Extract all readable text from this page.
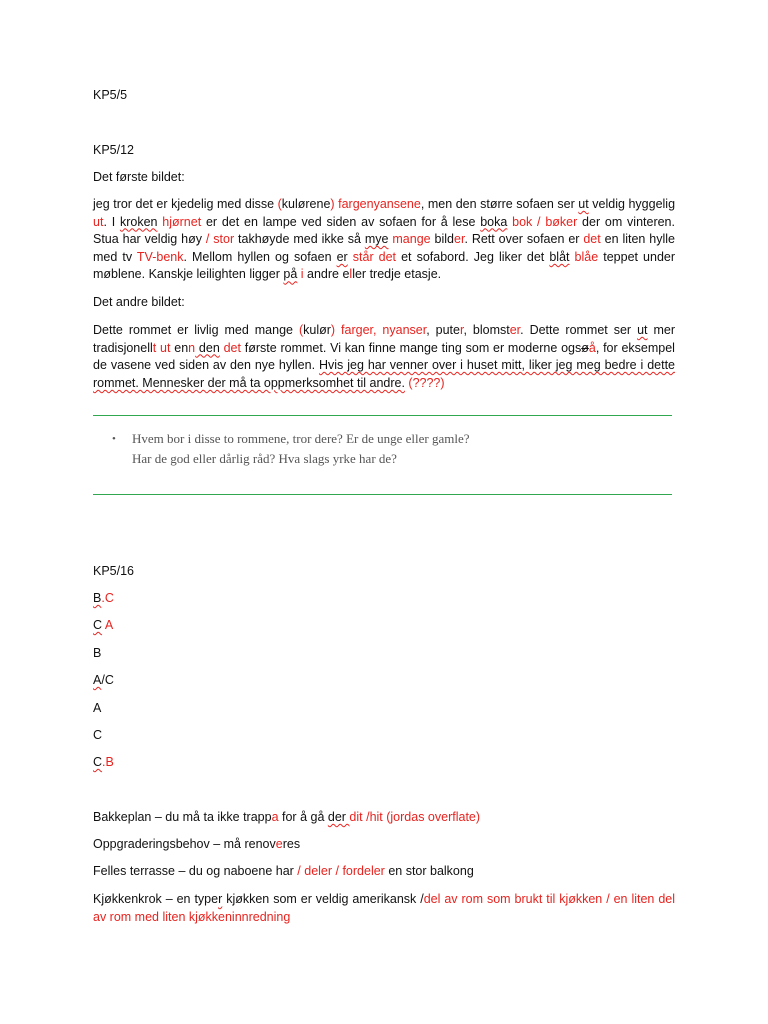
KP5/5
KP5/12
Det første bildet:
jeg tror det er kjedelig med disse (kulørene) fargenyansene, men den større sofaen ser ut veldig hyggelig ut. I kroken hjørnet er det en lampe ved siden av sofaen for å lese boka bok / bøker der om vinteren. Stua har veldig høy / stor takhøyde med ikke så mye mange bilder. Rett over sofaen er det en liten hylle med tv TV-benk. Mellom hyllen og sofaen er står det et sofabord. Jeg liker det blåt blåe teppet under møblene. Kanskje leilighten ligger på i andre eller tredje etasje.
Det andre bildet:
Dette rommet er livlig med mange (kulør) farger, nyanser, puter, blomster. Dette rommet ser ut mer tradisjonellt ut enn den det første rommet. Vi kan finne mange ting som er moderne ogsøå, for eksempel de vasene ved siden av den nye hyllen. Hvis jeg har venner over i huset mitt, liker jeg meg bedre i dette rommet. Mennesker der må ta oppmerksomhet til andre. (????)
• Hvem bor i disse to rommene, tror dere? Er de unge eller gamle?
Har de god eller dårlig råd? Hva slags yrke har de?
KP5/16
B.C
C A
B
A/C
A
C
C.B
Bakkeplan – du må ta ikke trappa for å gå der dit /hit (jordas overflate)
Oppgraderingsbehov – må renoveres
Felles terrasse – du og naboene har / deler / fordeler en stor balkong
Kjøkkenkrok – en typer kjøkken som er veldig amerikansk /del av rom som brukt til kjøkken / en liten del av rom med liten kjøkkeninnredning
